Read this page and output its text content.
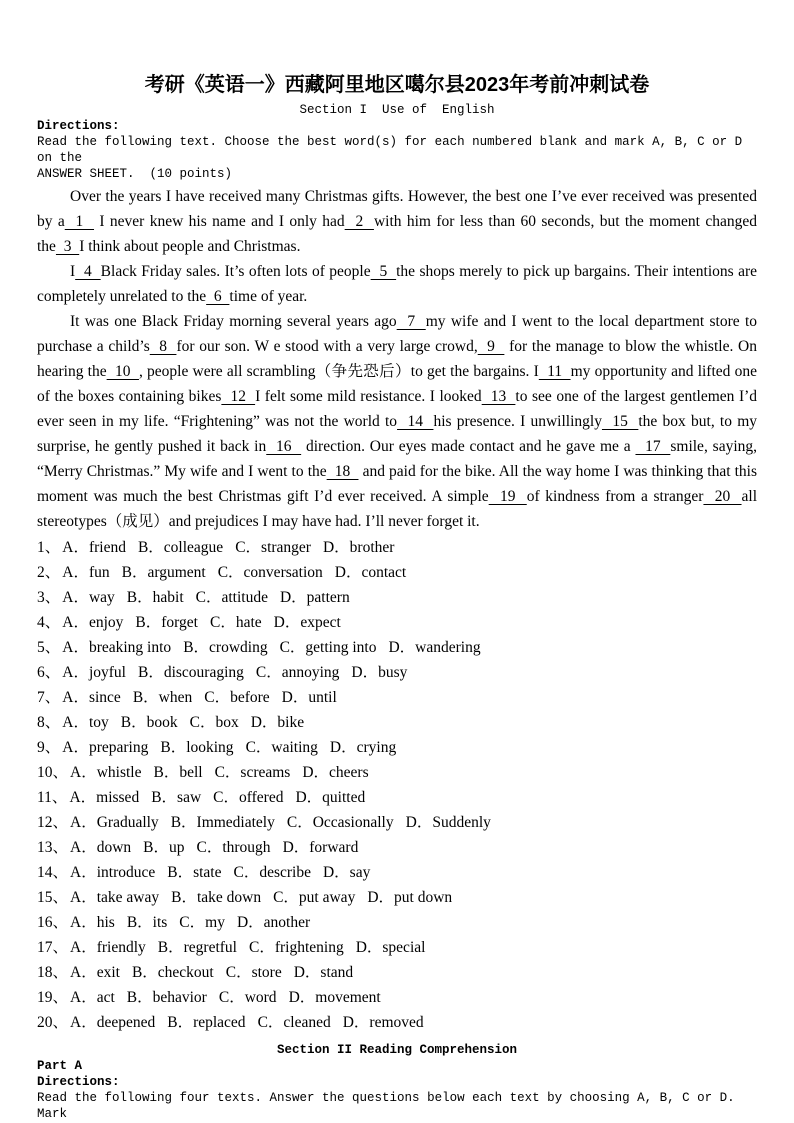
考研《英语一》西藏阿里地区噶尔县2023年考前冲刺试卷
Section I  Use of  English
Directions:
Read the following text. Choose the best word(s) for each numbered blank and mark A, B, C or D on the
ANSWER SHEET.  (10 points)

Over the years I have received many Christmas gifts. However, the best one I’ve ever received was presented by a  1   I never knew his name and I only had  2  with him for less than 60 seconds, but the moment changed the  3  I think about people and Christmas.

I  4  Black Friday sales. It’s often lots of people  5  the shops merely to pick up bargains. Their intentions are completely unrelated to the  6  time of year.

It was one Black Friday morning several years ago  7  my wife and I went to the local department store to purchase a child’s  8  for our son. W e stood with a very large crowd,  9   for the manage to blow the whistle. On hearing the  10  , people were all scrambling（争先恐后）to get the bargains. I  11  my opportunity and lifted one of the boxes containing bikes  12  I felt some mild resistance. I looked  13  to see one of the largest gentlemen I’d ever seen in my life. “Frightening” was not the world to  14  his presence. I unwillingly  15  the box but, to my surprise, he gently pushed it back in  16   direction. Our eyes made contact and he gave me a   17  smile, saying, “Merry Christmas.” My wife and I went to the  18   and paid for the bike. All the way home I was thinking that this moment was much the best Christmas gift I’d ever received. A simple  19  of kindness from a stranger  20  all stereotypes（成见）and prejudices I may have had. I’ll never forget it.

1、 A．friend B．colleague C．stranger D．brother
2、 A．fun B．argument C．conversation D．contact
3、 A．way B．habit C．attitude D．pattern
4、 A．enjoy B．forget C．hate D．expect
5、 A．breaking into B．crowding C．getting into D．wandering
6、 A．joyful B．discouraging C．annoying D．busy
7、 A．since B．when C．before D．until
8、 A．toy B．book C．box D．bike
9、 A．preparing B．looking C．waiting D．crying
10、 A．whistle B．bell C．screams D．cheers
11、 A．missed B．saw C．offered D．quitted
12、 A．Gradually B．Immediately C．Occasionally D．Suddenly
13、 A．down B．up C．through D．forward
14、 A．introduce B．state C．describe D．say
15、 A．take away B．take down C．put away D．put down
16、 A．his B．its C．my D．another
17、 A．friendly B．regretful C．frightening D．special
18、 A．exit B．checkout C．store D．stand
19、 A．act B．behavior C．word D．movement
20、 A．deepened B．replaced C．cleaned D．removed
Section II Reading Comprehension
Part A
Directions:
Read the following four texts. Answer the questions below each text by choosing A, B, C or D. Mark
